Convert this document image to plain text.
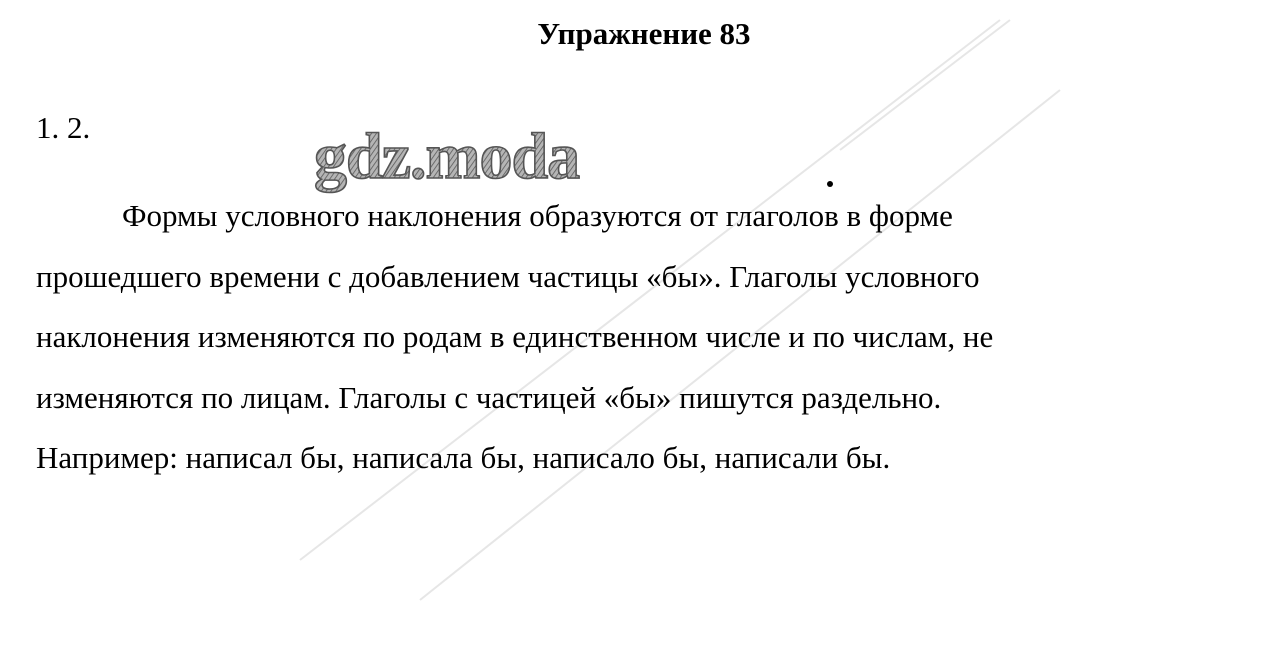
Упражнение 83
1. 2.	gdz.moda

Формы условного наклонения образуются от глаголов в форме
прошедшего времени с добавлением частицы «бы». Глаголы условного
наклонения изменяются по родам в единственном числе и по числам, не
изменяются по лицам. Глаголы с частицей «бы» пишутся раздельно.
Например: написал бы, написала бы, написало бы, написали бы.
